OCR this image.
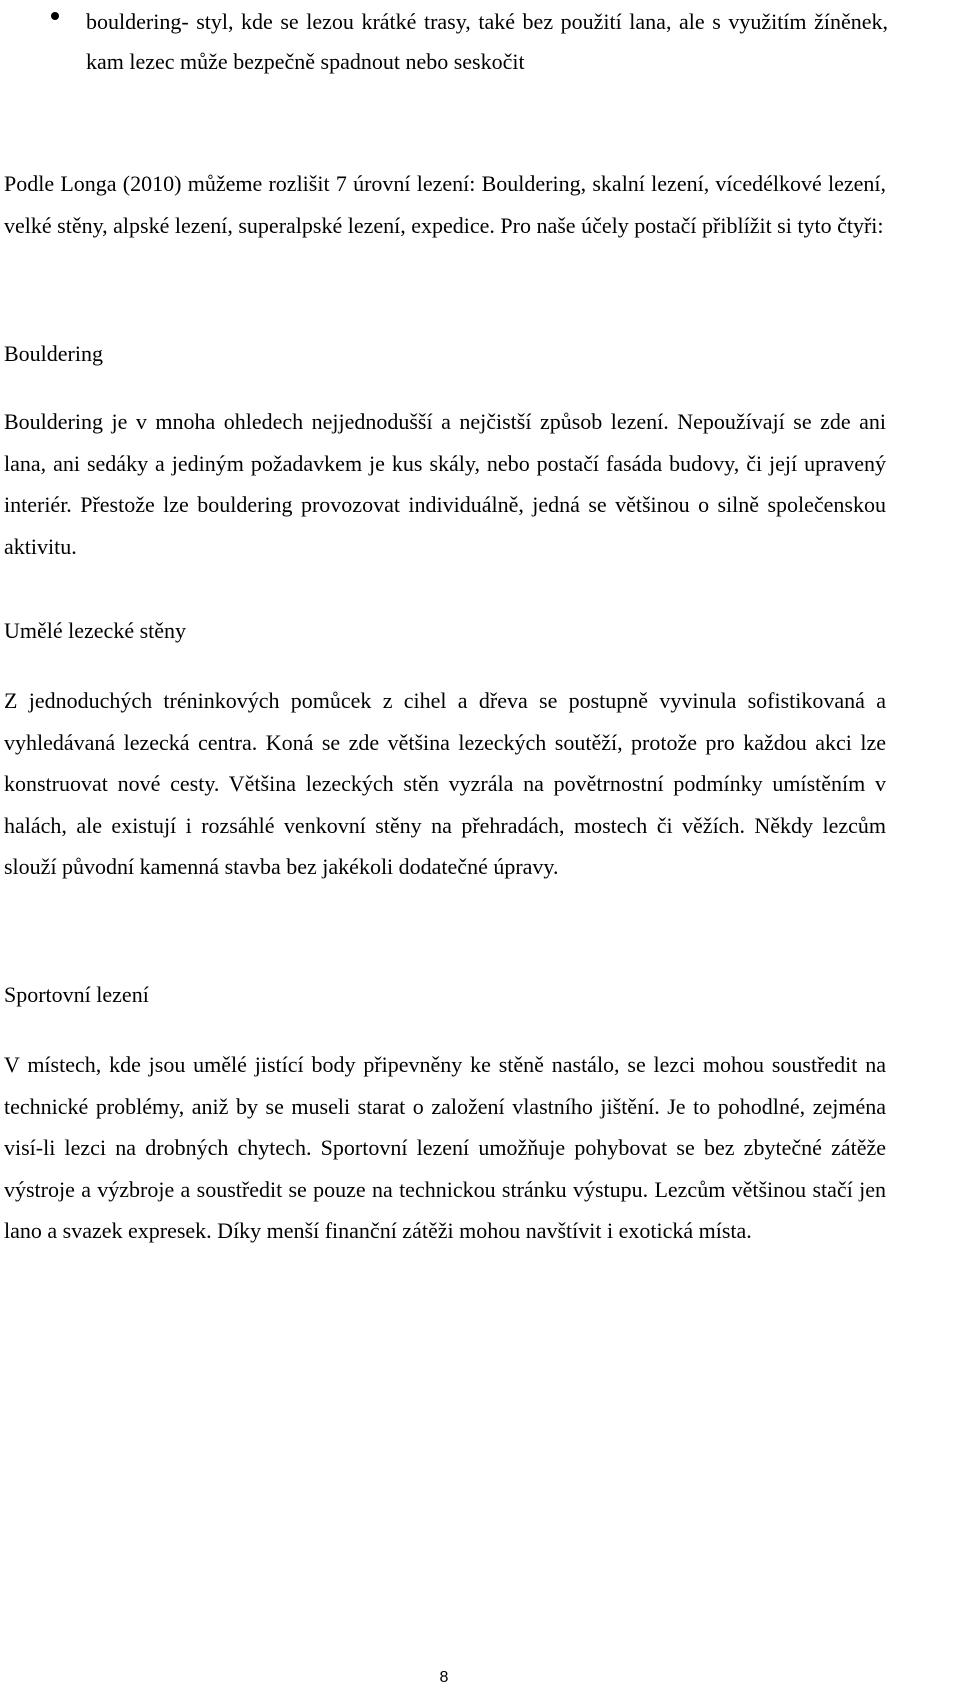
bouldering- styl, kde se lezou krátké trasy, také bez použití lana, ale s využitím žíněnek, kam lezec může bezpečně spadnout nebo seskočit
Podle Longa (2010) můžeme rozlišit 7 úrovní lezení: Bouldering, skalní lezení, vícedélkové lezení, velké stěny, alpské lezení, superalpské lezení, expedice. Pro naše účely postačí přiblížit si tyto čtyři:
Bouldering
Bouldering je v mnoha ohledech nejjednodušší a nejčistší způsob lezení. Nepoužívají se zde ani lana, ani sedáky a jediným požadavkem je kus skály, nebo postačí fasáda budovy, či její upravený interiér. Přestože lze bouldering provozovat individuálně, jedná se většinou o silně společenskou aktivitu.
Umělé lezecké stěny
Z jednoduchých tréninkových pomůcek z cihel a dřeva se postupně vyvinula sofistikovaná a vyhledávaná lezecká centra. Koná se zde většina lezeckých soutěží, protože pro každou akci lze konstruovat nové cesty. Většina lezeckých stěn vyzrála na povětrnostní podmínky umístěním v halách, ale existují i rozsáhlé venkovní stěny na přehradách, mostech či věžích. Někdy lezcům slouží původní kamenná stavba bez jakékoli dodatečné úpravy.
Sportovní lezení
V místech, kde jsou umělé jistící body připevněny ke stěně nastálo, se lezci mohou soustředit na technické problémy, aniž by se museli starat o založení vlastního jištění. Je to pohodlné, zejména visí-li lezci na drobných chytech. Sportovní lezení umožňuje pohybovat se bez zbytečné zátěže výstroje a výzbroje a soustředit se pouze na technickou stránku výstupu. Lezcům většinou stačí jen lano a svazek expresek. Díky menší finanční zátěži mohou navštívit i exotická místa.
8
